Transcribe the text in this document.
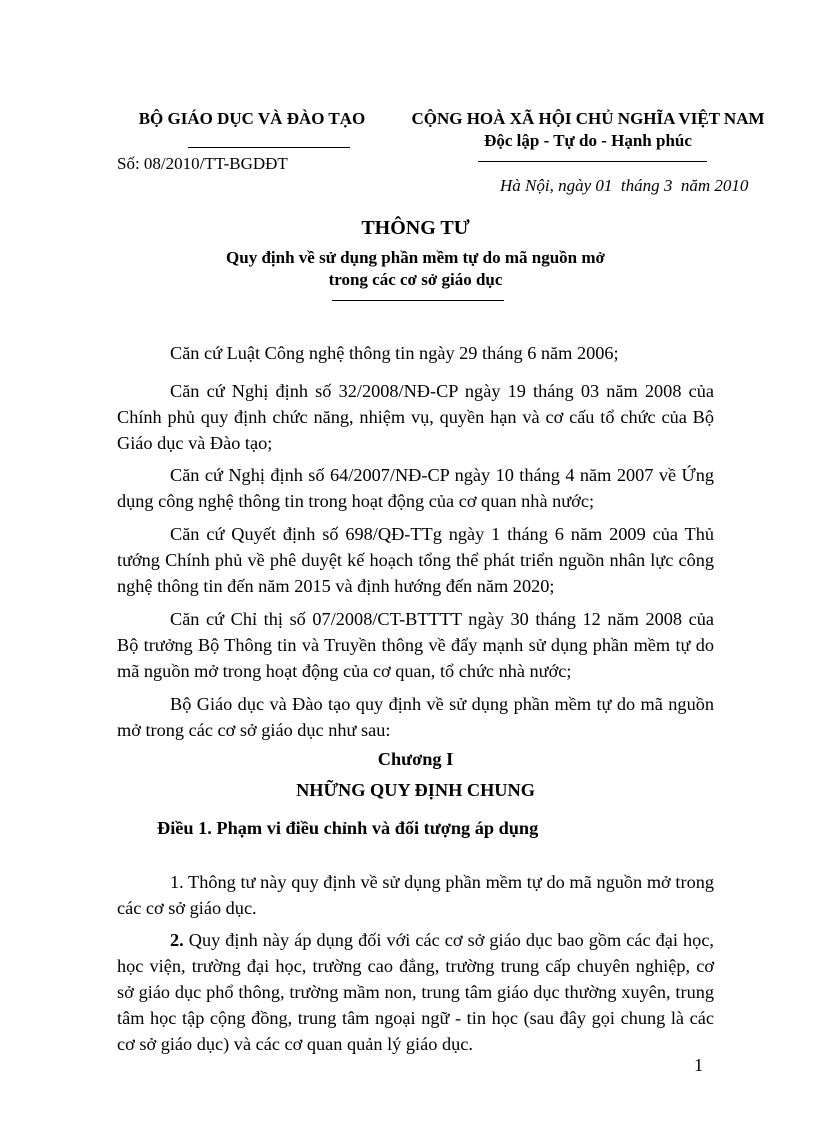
BỘ GIÁO DỤC VÀ ĐÀO TẠO
Số: 08/2010/TT-BGDĐT
CỘNG HOÀ XÃ HỘI CHỦ NGHĨA VIỆT NAM
Độc lập - Tự do - Hạnh phúc
Hà Nội, ngày 01  tháng 3  năm 2010
THÔNG TƯ
Quy định về sử dụng phần mềm tự do mã nguồn mở
trong các cơ sở giáo dục

Căn cứ Luật Công nghệ thông tin ngày 29 tháng 6 năm 2006;

Căn cứ Nghị định số 32/2008/NĐ-CP ngày 19 tháng 03 năm 2008 của Chính phủ quy định chức năng, nhiệm vụ, quyền hạn và cơ cấu tổ chức của Bộ Giáo dục và Đào tạo;

Căn cứ Nghị định số 64/2007/NĐ-CP ngày 10 tháng 4 năm 2007 về Ứng dụng công nghệ thông tin trong hoạt động của cơ quan nhà nước;

Căn cứ Quyết định số 698/QĐ-TTg ngày 1 tháng 6 năm 2009 của Thủ tướng Chính phủ về phê duyệt kế hoạch tổng thể phát triển nguồn nhân lực công nghệ thông tin đến năm 2015 và định hướng đến năm 2020;

Căn cứ Chỉ thị số 07/2008/CT-BTTTT ngày 30 tháng 12 năm 2008 của Bộ trưởng Bộ Thông tin và Truyền thông về đẩy mạnh sử dụng phần mềm tự do mã nguồn mở trong hoạt động của cơ quan, tổ chức nhà nước;

Bộ Giáo dục và Đào tạo quy định về sử dụng phần mềm tự do mã nguồn mở trong các cơ sở giáo dục như sau:

Chương I
NHỮNG QUY ĐỊNH CHUNG
Điều 1. Phạm vi điều chỉnh và đối tượng áp dụng

1. Thông tư này quy định về sử dụng phần mềm tự do mã nguồn mở trong các cơ sở giáo dục.

2. Quy định này áp dụng đối với các cơ sở giáo dục bao gồm các đại học, học viện, trường đại học, trường cao đẳng, trường trung cấp chuyên nghiệp, cơ sở giáo dục phổ thông, trường mầm non, trung tâm giáo dục thường xuyên, trung tâm học tập cộng đồng, trung tâm ngoại ngữ - tin học (sau đây gọi chung là các cơ sở giáo dục) và các cơ quan quản lý giáo dục.

1
